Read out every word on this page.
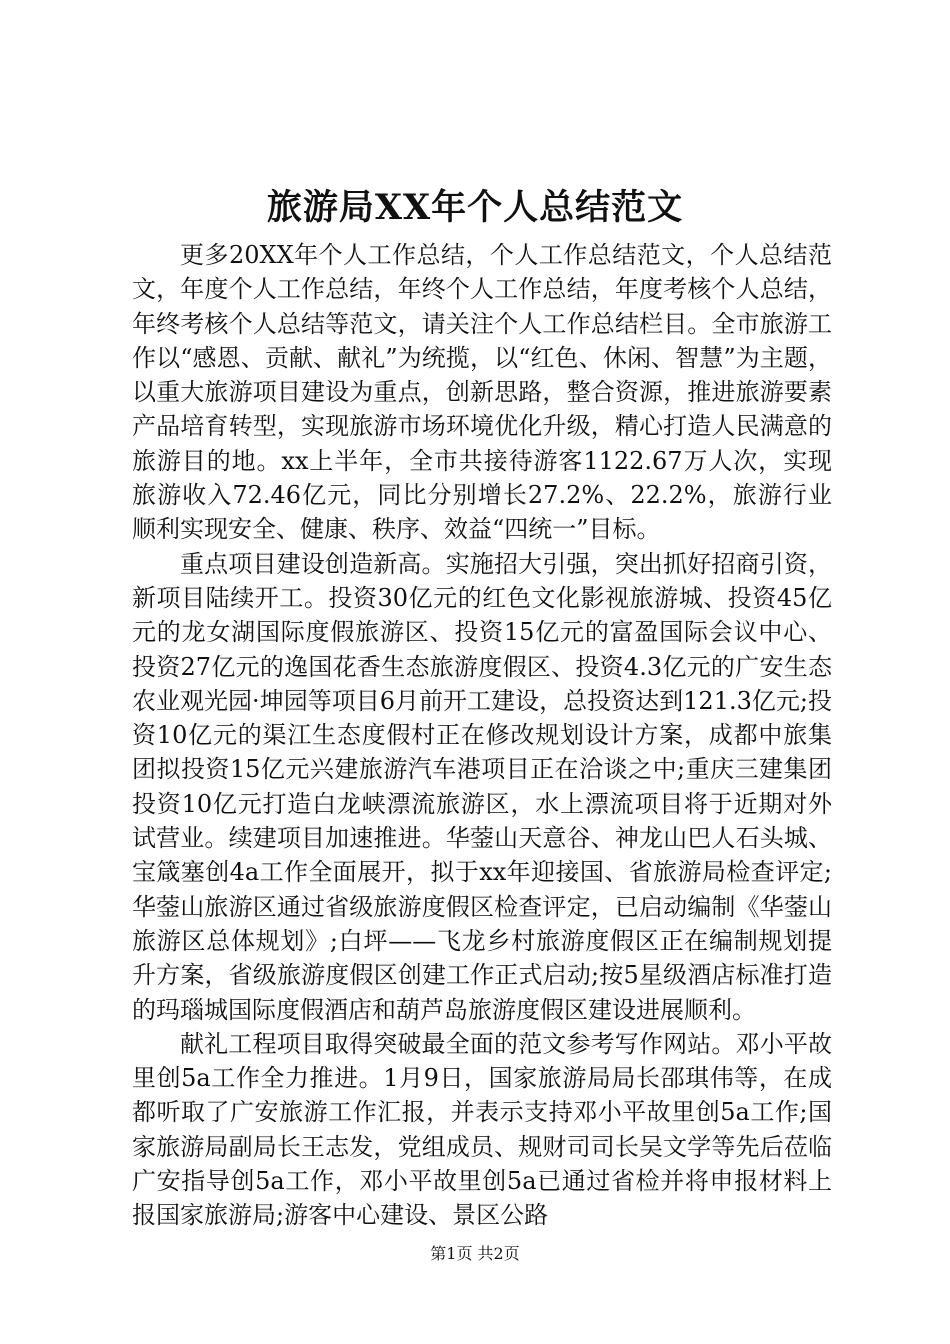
旅游局XX年个人总结范文

更多20XX年个人工作总结，个人工作总结范文，个人总结范文，年度个人工作总结，年终个人工作总结，年度考核个人总结，年终考核个人总结等范文，请关注个人工作总结栏目。全市旅游工作以“感恩、贡献、献礼”为统揽，以“红色、休闲、智慧”为主题，以重大旅游项目建设为重点，创新思路，整合资源，推进旅游要素产品培育转型，实现旅游市场环境优化升级，精心打造人民满意的旅游目的地。xx上半年，全市共接待游客1122.67万人次，实现旅游收入72.46亿元，同比分别增长27.2%、22.2%，旅游行业顺利实现安全、健康、秩序、效益“四统一”目标。

重点项目建设创造新高。实施招大引强，突出抓好招商引资，新项目陆续开工。投资30亿元的红色文化影视旅游城、投资45亿元的龙女湖国际度假旅游区、投资15亿元的富盈国际会议中心、投资27亿元的逸国花香生态旅游度假区、投资4.3亿元的广安生态农业观光园·坤园等项目6月前开工建设，总投资达到121.3亿元;投资10亿元的渠江生态度假村正在修改规划设计方案，成都中旅集团拟投资15亿元兴建旅游汽车港项目正在洽谈之中;重庆三建集团投资10亿元打造白龙峡漂流旅游区，水上漂流项目将于近期对外试营业。续建项目加速推进。华蓥山天意谷、神龙山巴人石头城、宝箴塞创4a工作全面展开，拟于xx年迎接国、省旅游局检查评定;华蓥山旅游区通过省级旅游度假区检查评定，已启动编制《华蓥山旅游区总体规划》;白坪——飞龙乡村旅游度假区正在编制规划提升方案，省级旅游度假区创建工作正式启动;按5星级酒店标准打造的玛瑙城国际度假酒店和葫芦岛旅游度假区建设进展顺利。

献礼工程项目取得突破最全面的范文参考写作网站。邓小平故里创5a工作全力推进。1月9日，国家旅游局局长邵琪伟等，在成都听取了广安旅游工作汇报，并表示支持邓小平故里创5a工作;国家旅游局副局长王志发，党组成员、规财司司长吴文学等先后莅临广安指导创5a工作，邓小平故里创5a已通过省检并将申报材料上报国家旅游局;游客中心建设、景区公路

第1页 共2页
